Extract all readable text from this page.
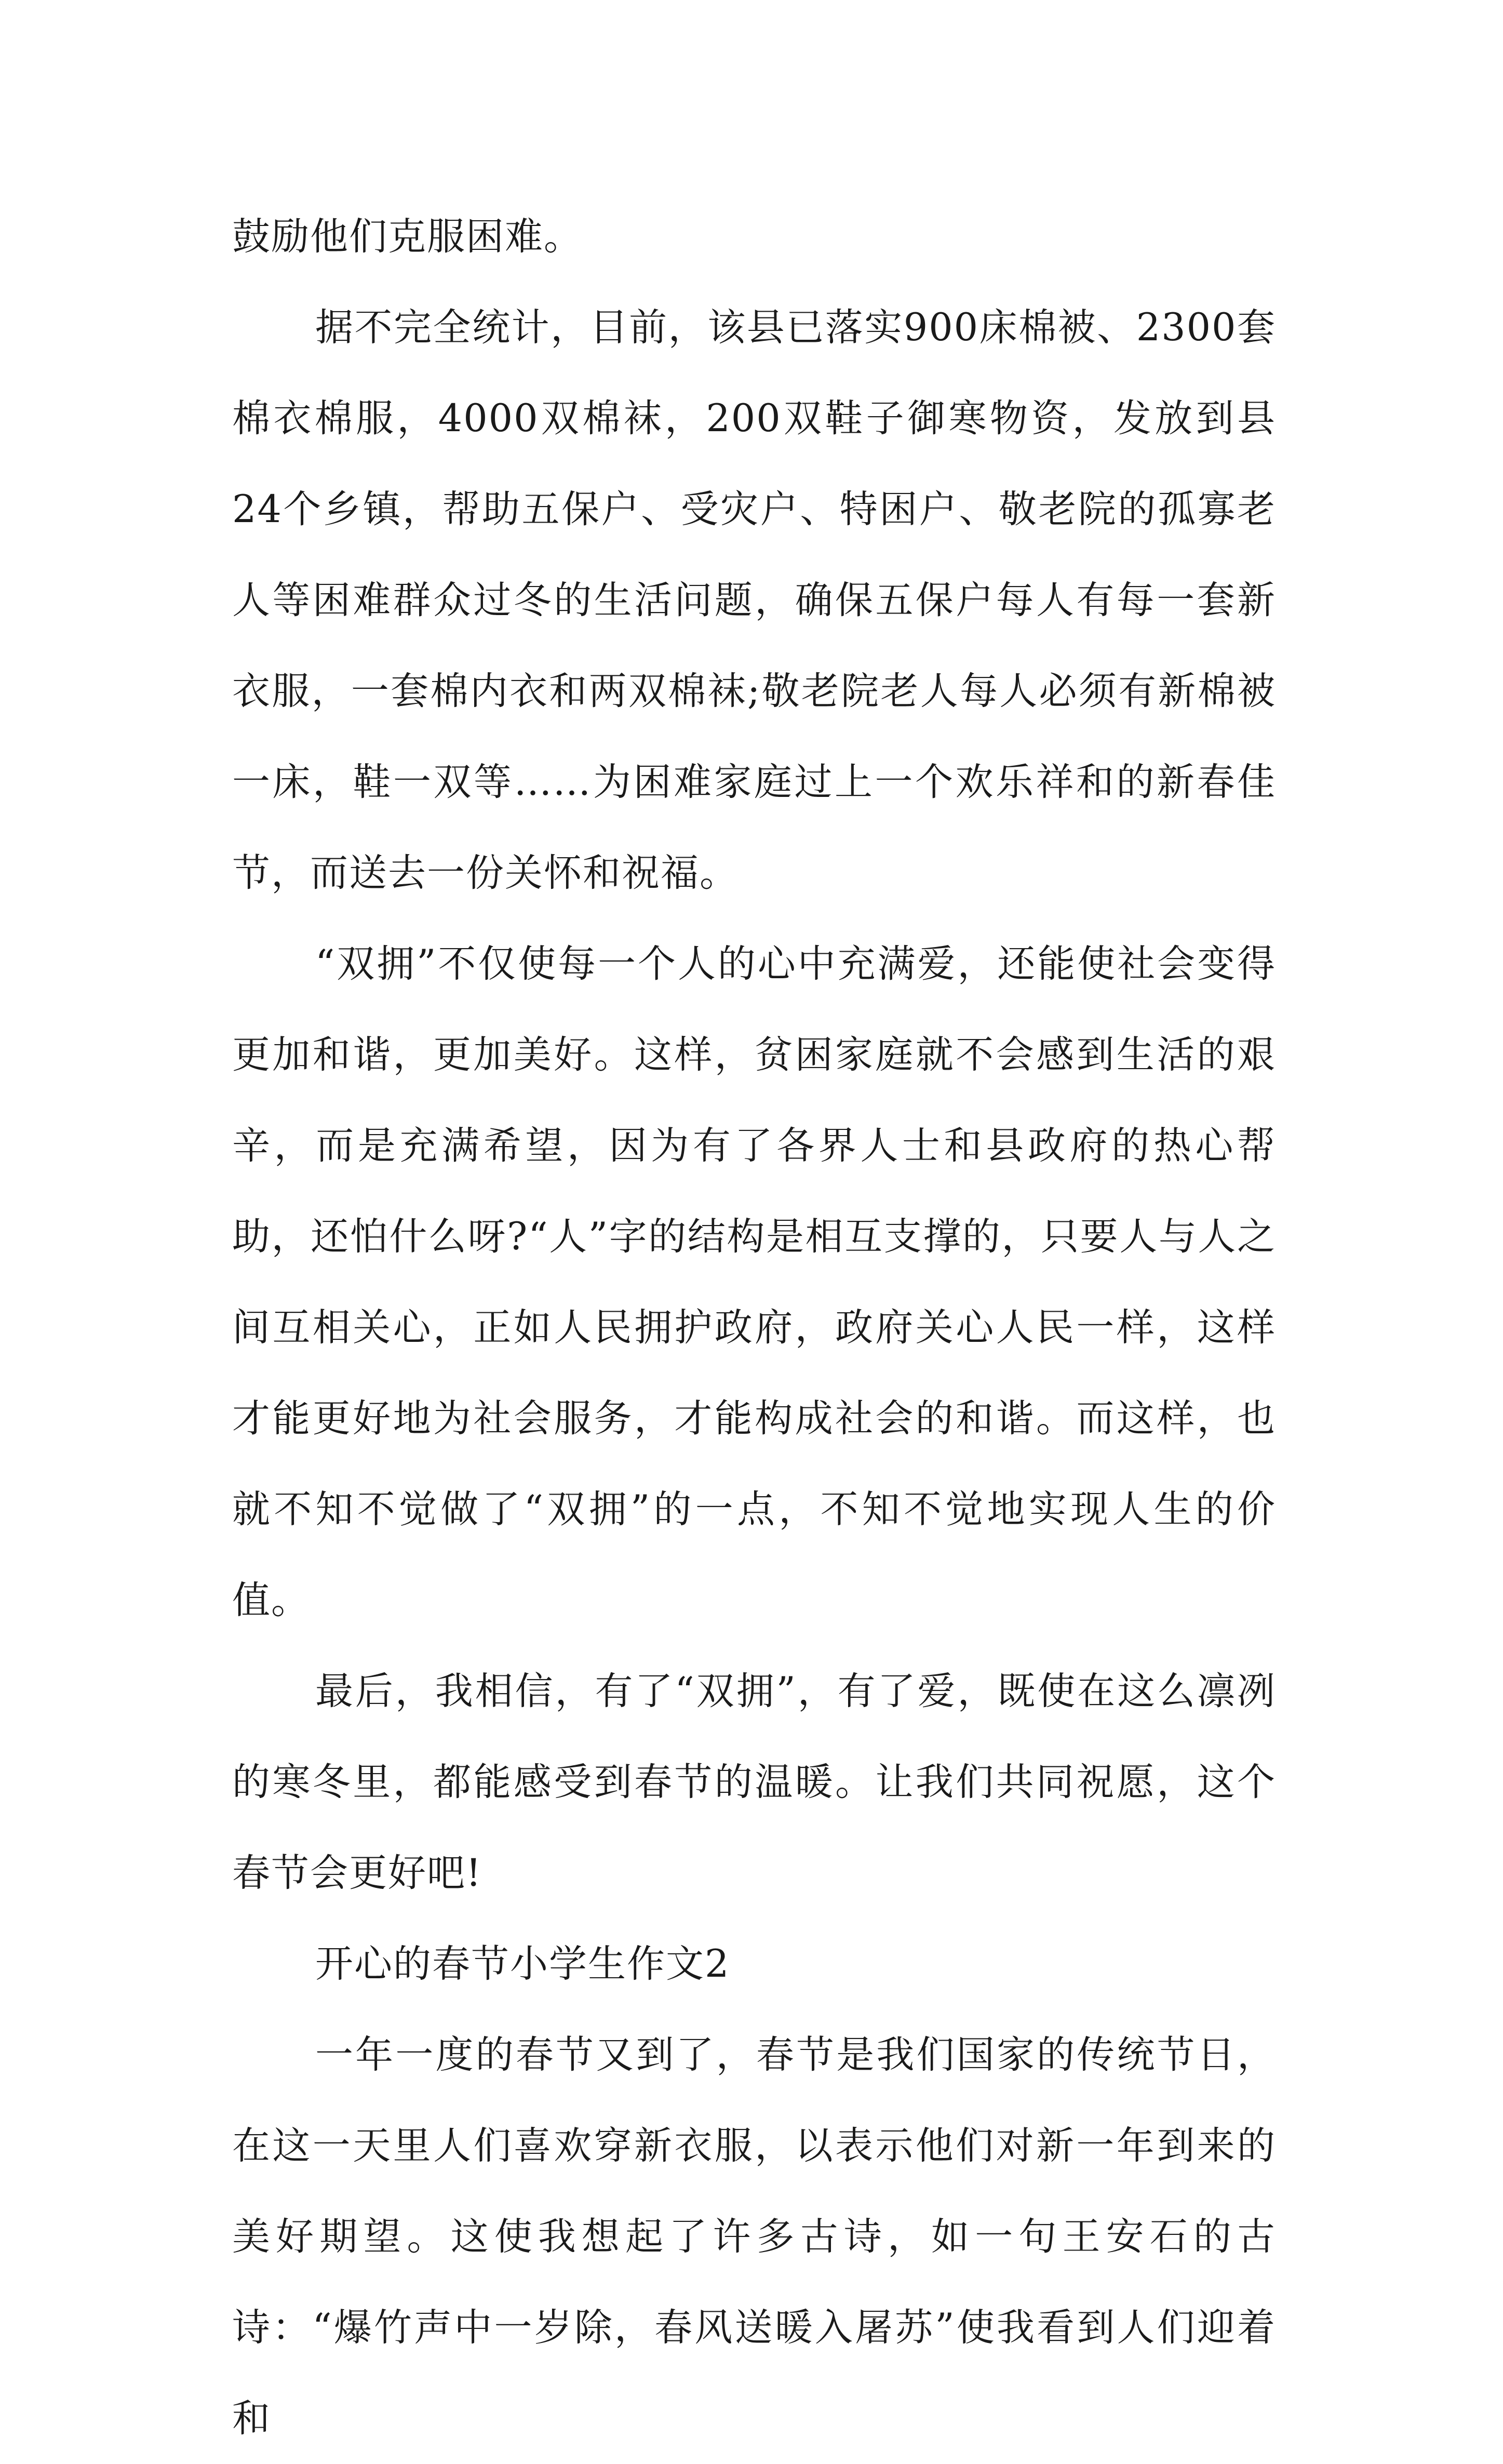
鼓励他们克服困难。

据不完全统计，目前，该县已落实900床棉被、2300套棉衣棉服，4000双棉袜，200双鞋子御寒物资，发放到县24个乡镇，帮助五保户、受灾户、特困户、敬老院的孤寡老人等困难群众过冬的生活问题，确保五保户每人有每一套新衣服，一套棉内衣和两双棉袜;敬老院老人每人必须有新棉被一床，鞋一双等……为困难家庭过上一个欢乐祥和的新春佳节，而送去一份关怀和祝福。

“双拥”不仅使每一个人的心中充满爱，还能使社会变得更加和谐，更加美好。这样，贫困家庭就不会感到生活的艰辛，而是充满希望，因为有了各界人士和县政府的热心帮助，还怕什么呀?“人”字的结构是相互支撑的，只要人与人之间互相关心，正如人民拥护政府，政府关心人民一样，这样才能更好地为社会服务，才能构成社会的和谐。而这样，也就不知不觉做了“双拥”的一点，不知不觉地实现人生的价值。

最后，我相信，有了“双拥”，有了爱，既使在这么凛冽的寒冬里，都能感受到春节的温暖。让我们共同祝愿，这个春节会更好吧!

开心的春节小学生作文2

一年一度的春节又到了，春节是我们国家的传统节日，在这一天里人们喜欢穿新衣服，以表示他们对新一年到来的美好期望。这使我想起了许多古诗，如一句王安石的古诗：“爆竹声中一岁除，春风送暖入屠苏”使我看到人们迎着和
